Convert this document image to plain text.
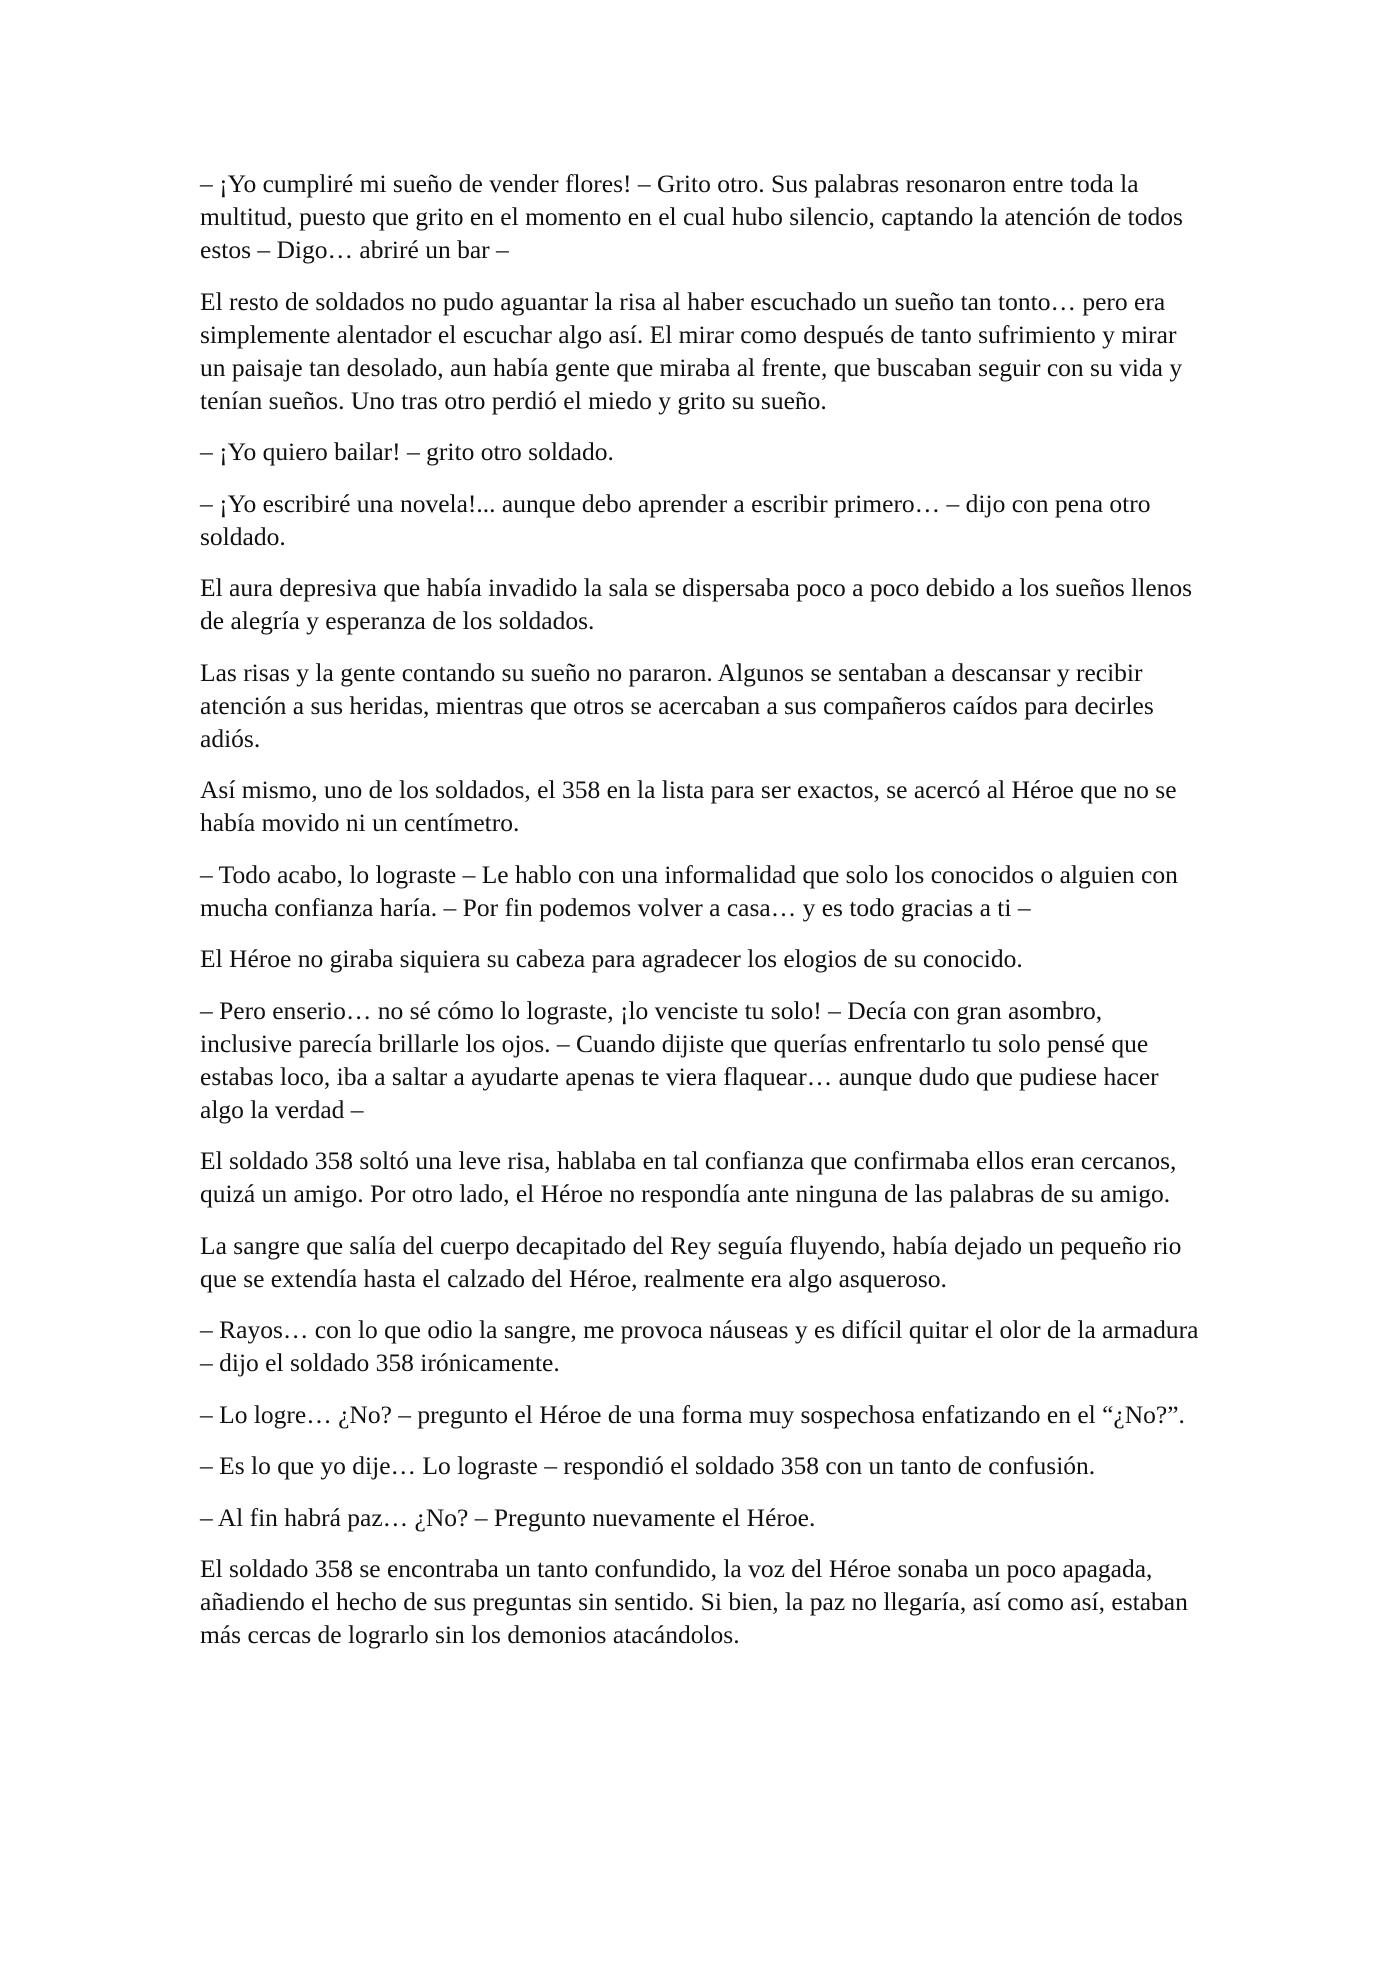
– ¡Yo cumpliré mi sueño de vender flores! – Grito otro. Sus palabras resonaron entre toda la multitud, puesto que grito en el momento en el cual hubo silencio, captando la atención de todos estos – Digo… abriré un bar –

El resto de soldados no pudo aguantar la risa al haber escuchado un sueño tan tonto… pero era simplemente alentador el escuchar algo así. El mirar como después de tanto sufrimiento y mirar un paisaje tan desolado, aun había gente que miraba al frente, que buscaban seguir con su vida y tenían sueños. Uno tras otro perdió el miedo y grito su sueño.

– ¡Yo quiero bailar! – grito otro soldado.

– ¡Yo escribiré una novela!... aunque debo aprender a escribir primero… – dijo con pena otro soldado.

El aura depresiva que había invadido la sala se dispersaba poco a poco debido a los sueños llenos de alegría y esperanza de los soldados.

Las risas y la gente contando su sueño no pararon. Algunos se sentaban a descansar y recibir atención a sus heridas, mientras que otros se acercaban a sus compañeros caídos para decirles adiós.

Así mismo, uno de los soldados, el 358 en la lista para ser exactos, se acercó al Héroe que no se había movido ni un centímetro.

– Todo acabo, lo lograste – Le hablo con una informalidad que solo los conocidos o alguien con mucha confianza haría. – Por fin podemos volver a casa… y es todo gracias a ti –

El Héroe no giraba siquiera su cabeza para agradecer los elogios de su conocido.

– Pero enserio… no sé cómo lo lograste, ¡lo venciste tu solo! – Decía con gran asombro, inclusive parecía brillarle los ojos. – Cuando dijiste que querías enfrentarlo tu solo pensé que estabas loco, iba a saltar a ayudarte apenas te viera flaquear… aunque dudo que pudiese hacer algo la verdad –

El soldado 358 soltó una leve risa, hablaba en tal confianza que confirmaba ellos eran cercanos, quizá un amigo. Por otro lado, el Héroe no respondía ante ninguna de las palabras de su amigo.

La sangre que salía del cuerpo decapitado del Rey seguía fluyendo, había dejado un pequeño rio que se extendía hasta el calzado del Héroe, realmente era algo asqueroso.

– Rayos… con lo que odio la sangre, me provoca náuseas y es difícil quitar el olor de la armadura – dijo el soldado 358 irónicamente.

– Lo logre… ¿No? – pregunto el Héroe de una forma muy sospechosa enfatizando en el “¿No?”.

– Es lo que yo dije… Lo lograste – respondió el soldado 358 con un tanto de confusión.

– Al fin habrá paz… ¿No? – Pregunto nuevamente el Héroe.

El soldado 358 se encontraba un tanto confundido, la voz del Héroe sonaba un poco apagada, añadiendo el hecho de sus preguntas sin sentido. Si bien, la paz no llegaría, así como así, estaban más cercas de lograrlo sin los demonios atacándolos.
